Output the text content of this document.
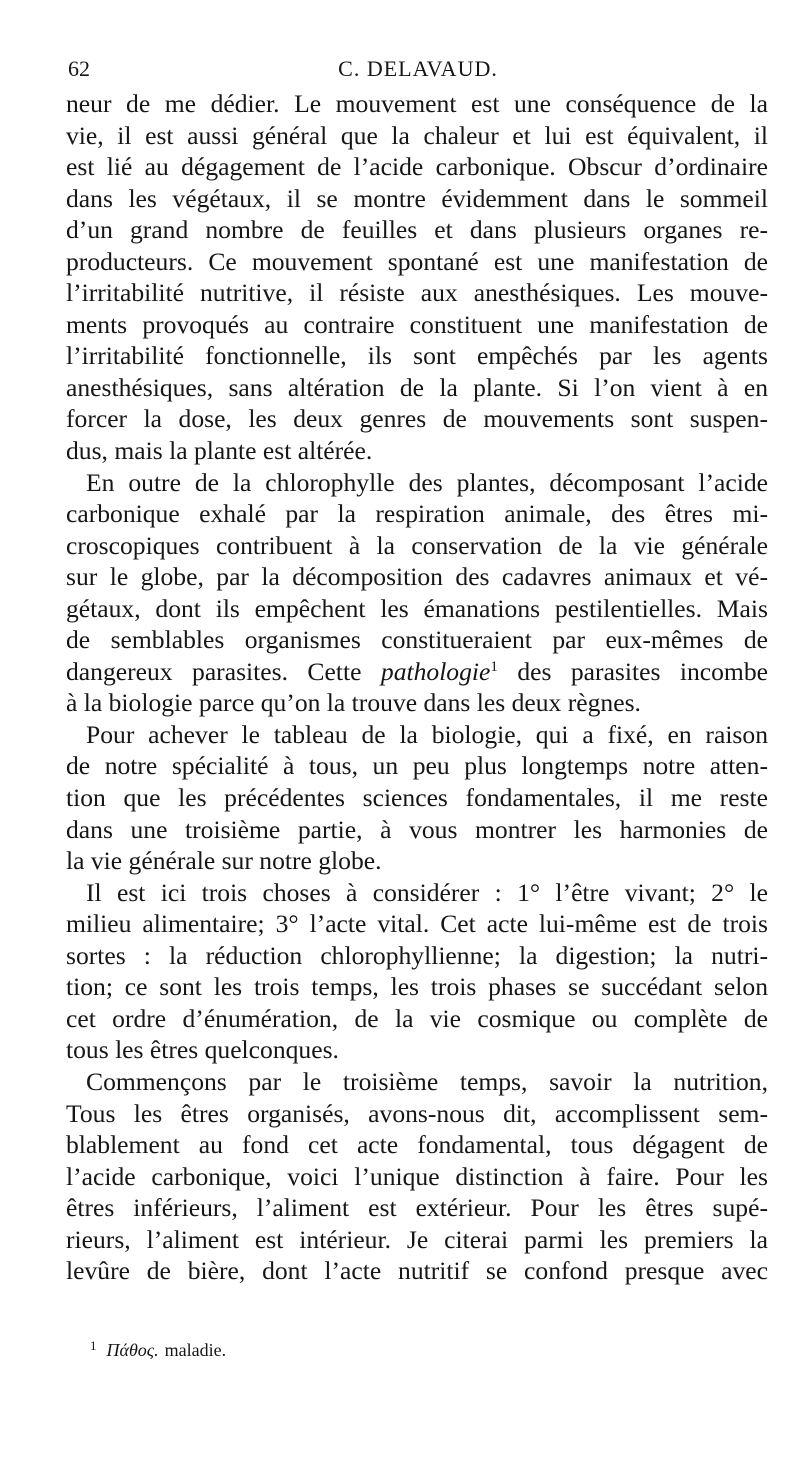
62	C. DELAVAUD.
neur de me dédier. Le mouvement est une conséquence de la
vie, il est aussi général que la chaleur et lui est équivalent, il
est lié au dégagement de l’acide carbonique. Obscur d’ordinaire
dans les végétaux, il se montre évidemment dans le sommeil
d’un grand nombre de feuilles et dans plusieurs organes re-
producteurs. Ce mouvement spontané est une manifestation de
l’irritabilité nutritive, il résiste aux anesthésiques. Les mouve-
ments provoqués au contraire constituent une manifestation de
l’irritabilité fonctionnelle, ils sont empêchés par les agents
anesthésiques, sans altération de la plante. Si l’on vient à en
forcer la dose, les deux genres de mouvements sont suspen-
dus, mais la plante est altérée.
En outre de la chlorophylle des plantes, décomposant l’acide
carbonique exhalé par la respiration animale, des êtres mi-
croscopiques contribuent à la conservation de la vie générale
sur le globe, par la décomposition des cadavres animaux et vé-
gétaux, dont ils empêchent les émanations pestilentielles. Mais
de semblables organismes constitueraient par eux-mêmes de
dangereux parasites. Cette pathologie$^1$ des parasites incombe
à la biologie parce qu’on la trouve dans les deux règnes.
Pour achever le tableau de la biologie, qui a fixé, en raison
de notre spécialité à tous, un peu plus longtemps notre atten-
tion que les précédentes sciences fondamentales, il me reste
dans une troisième partie, à vous montrer les harmonies de
la vie générale sur notre globe.
Il est ici trois choses à considérer : 1° l’être vivant; 2° le
milieu alimentaire; 3° l’acte vital. Cet acte lui-même est de trois
sortes : la réduction chlorophyllienne; la digestion; la nutri-
tion; ce sont les trois temps, les trois phases se succédant selon
cet ordre d’énumération, de la vie cosmique ou complète de
tous les êtres quelconques.
Commençons par le troisième temps, savoir la nutrition,
Tous les êtres organisés, avons-nous dit, accomplissent sem-
blablement au fond cet acte fondamental, tous dégagent de
l’acide carbonique, voici l’unique distinction à faire. Pour les
êtres inférieurs, l’aliment est extérieur. Pour les êtres supé-
rieurs, l’aliment est intérieur. Je citerai parmi les premiers la
levûre de bière, dont l’acte nutritif se confond presque avec
$^1$ Πάθος. maladie.
